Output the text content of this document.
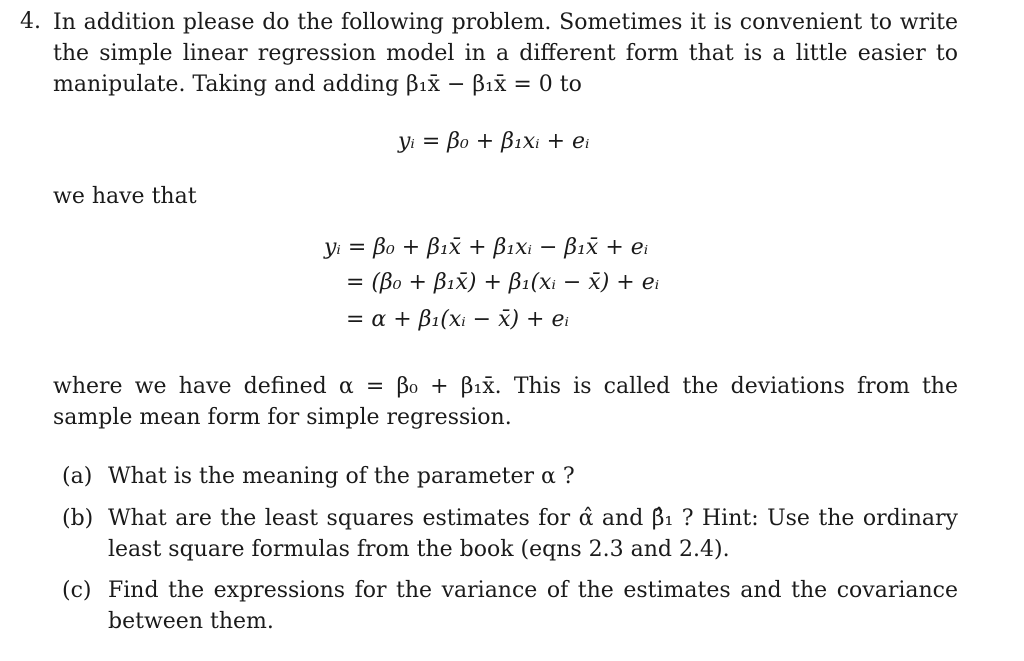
4. In addition please do the following problem. Sometimes it is convenient to write the simple linear regression model in a different form that is a little easier to manipulate. Taking and adding β₁x̄ − β₁x̄ = 0 to
yᵢ = β₀ + β₁xᵢ + eᵢ
we have that
yᵢ = β₀ + β₁x̄ + β₁xᵢ − β₁x̄ + eᵢ
= (β₀ + β₁x̄) + β₁(xᵢ − x̄) + eᵢ
= α + β₁(xᵢ − x̄) + eᵢ
where we have defined α = β₀ + β₁x̄. This is called the deviations from the sample mean form for simple regression.
(a) What is the meaning of the parameter α ?
(b) What are the least squares estimates for α̂ and β̂₁ ? Hint: Use the ordinary least square formulas from the book (eqns 2.3 and 2.4).
(c) Find the expressions for the variance of the estimates and the covariance between them.
